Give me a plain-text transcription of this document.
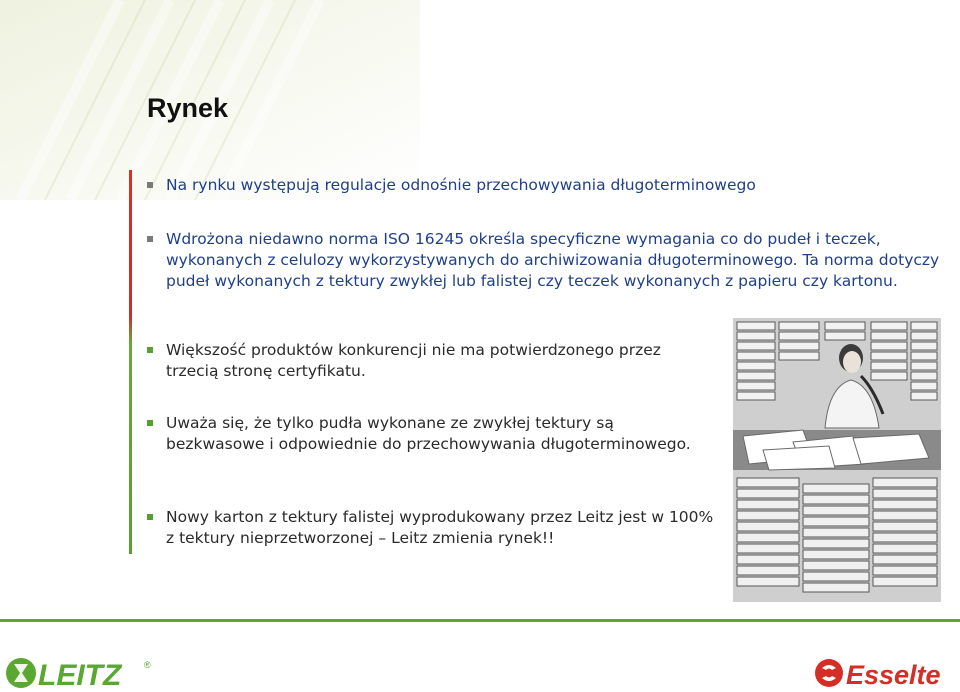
Rynek

Na rynku występują regulacje odnośnie przechowywania długoterminowego

Wdrożona niedawno norma ISO 16245 określa specyficzne wymagania co do pudeł i teczek, wykonanych z celulozy wykorzystywanych do archiwizowania długoterminowego. Ta norma dotyczy pudeł wykonanych z tektury zwykłej lub falistej czy teczek wykonanych z papieru czy kartonu.

Większość produktów konkurencji nie ma potwierdzonego przez trzecią stronę certyfikatu.

Uważa się, że tylko pudła wykonane ze zwykłej tektury są bezkwasowe i odpowiednie do przechowywania długoterminowego.

Nowy karton z tektury falistej wyprodukowany przez Leitz jest w 100% z tektury nieprzetworzonej – Leitz zmienia rynek!!

LEITZ	®	Esselte
